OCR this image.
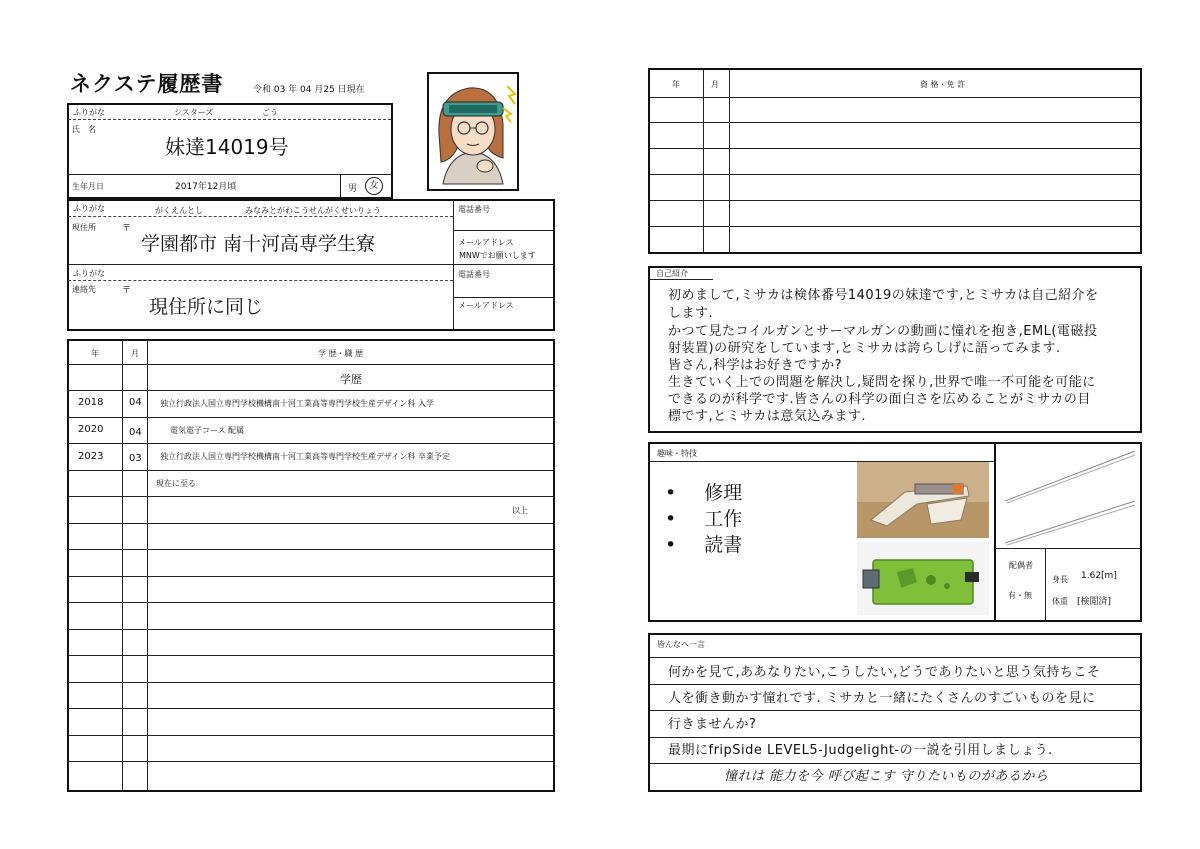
ネクステ履歴書	令和 03 年 04 月25 日現在
ふりがな	シスターズ	ごう
氏　名
妹達14019号
生年月日	2017年12月頃	男	女
ふりがな	がくえんとし	みなみとがわこうせんがくせいりょう
現住所	〒
学園都市 南十河高専学生寮
電話番号
メールアドレス
MNWでお願いします
ふりがな
連絡先	〒
現住所に同じ
電話番号
メールアドレス
年	月	学 歴・職 歴
学歴
2018	04 独立行政法人国立専門学校機構南十河工業高等専門学校生産デザイン科 入学
2020	04	　電気電子コース 配属
2023	03 独立行政法人国立専門学校機構南十河工業高等専門学校生産デザイン科 卒業予定
現在に至る
以上
年	月	資 格・免 許
自己紹介
初めまして,ミサカは検体番号14019の妹達です,とミサカは自己紹介を
します.
かつて見たコイルガンとサーマルガンの動画に憧れを抱き,EML(電磁投
射装置)の研究をしています,とミサカは誇らしげに語ってみます.
皆さん,科学はお好きですか?
生きていく上での問題を解決し,疑問を探り,世界で唯一不可能を可能に
できるのが科学です.皆さんの科学の面白さを広めることがミサカの目
標です,とミサカは意気込みます.
趣味・特技
• 修理
• 工作
• 読書
配偶者
有・無
身長 1.62[m]
体重 [検閲済]
皆んなへ一言
何かを見て,ああなりたい,こうしたい,どうでありたいと思う気持ちこそ
人を衝き動かす憧れです. ミサカと一緒にたくさんのすごいものを見に
行きませんか?
最期にfripSide LEVEL5-Judgelight-の一説を引用しましょう.
憧れは 能力を今 呼び起こす 守りたいものがあるから
